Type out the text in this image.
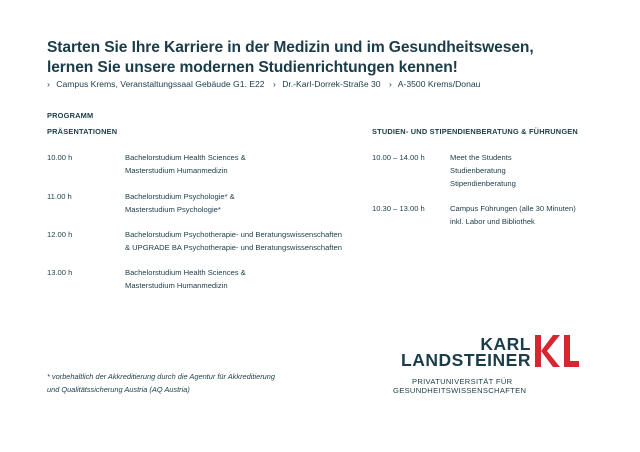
Starten Sie Ihre Karriere in der Medizin und im Gesundheitswesen,
lernen Sie unsere modernen Studienrichtungen kennen!
› Campus Krems, Veranstaltungssaal Gebäude G1. E22 › Dr.-Karl-Dorrek-Straße 30 › A-3500 Krems/Donau
PROGRAMM
PRÄSENTATIONEN	STUDIEN- UND STIPENDIENBERATUNG & FÜHRUNGEN
10.00 h	Bachelorstudium Health Sciences &
Masterstudium Humanmedizin
11.00 h	Bachelorstudium Psychologie* &
Masterstudium Psychologie*
12.00 h	Bachelorstudium Psychotherapie- und Beratungswissenschaften
& UPGRADE BA Psychotherapie- und Beratungswissenschaften
13.00 h	Bachelorstudium Health Sciences &
Masterstudium Humanmedizin
10.00 – 14.00 h	Meet the Students
Studienberatung
Stipendienberatung
10.30 – 13.00 h	Campus Führungen (alle 30 Minuten)
inkl. Labor und Bibliothek
* vorbehaltlich der Akkreditierung durch die Agentur für Akkreditierung
und Qualitätssicherung Austria (AQ Austria)
KARL
LANDSTEINER
PRIVATUNIVERSITÄT FÜR
GESUNDHEITSWISSENSCHAFTEN
